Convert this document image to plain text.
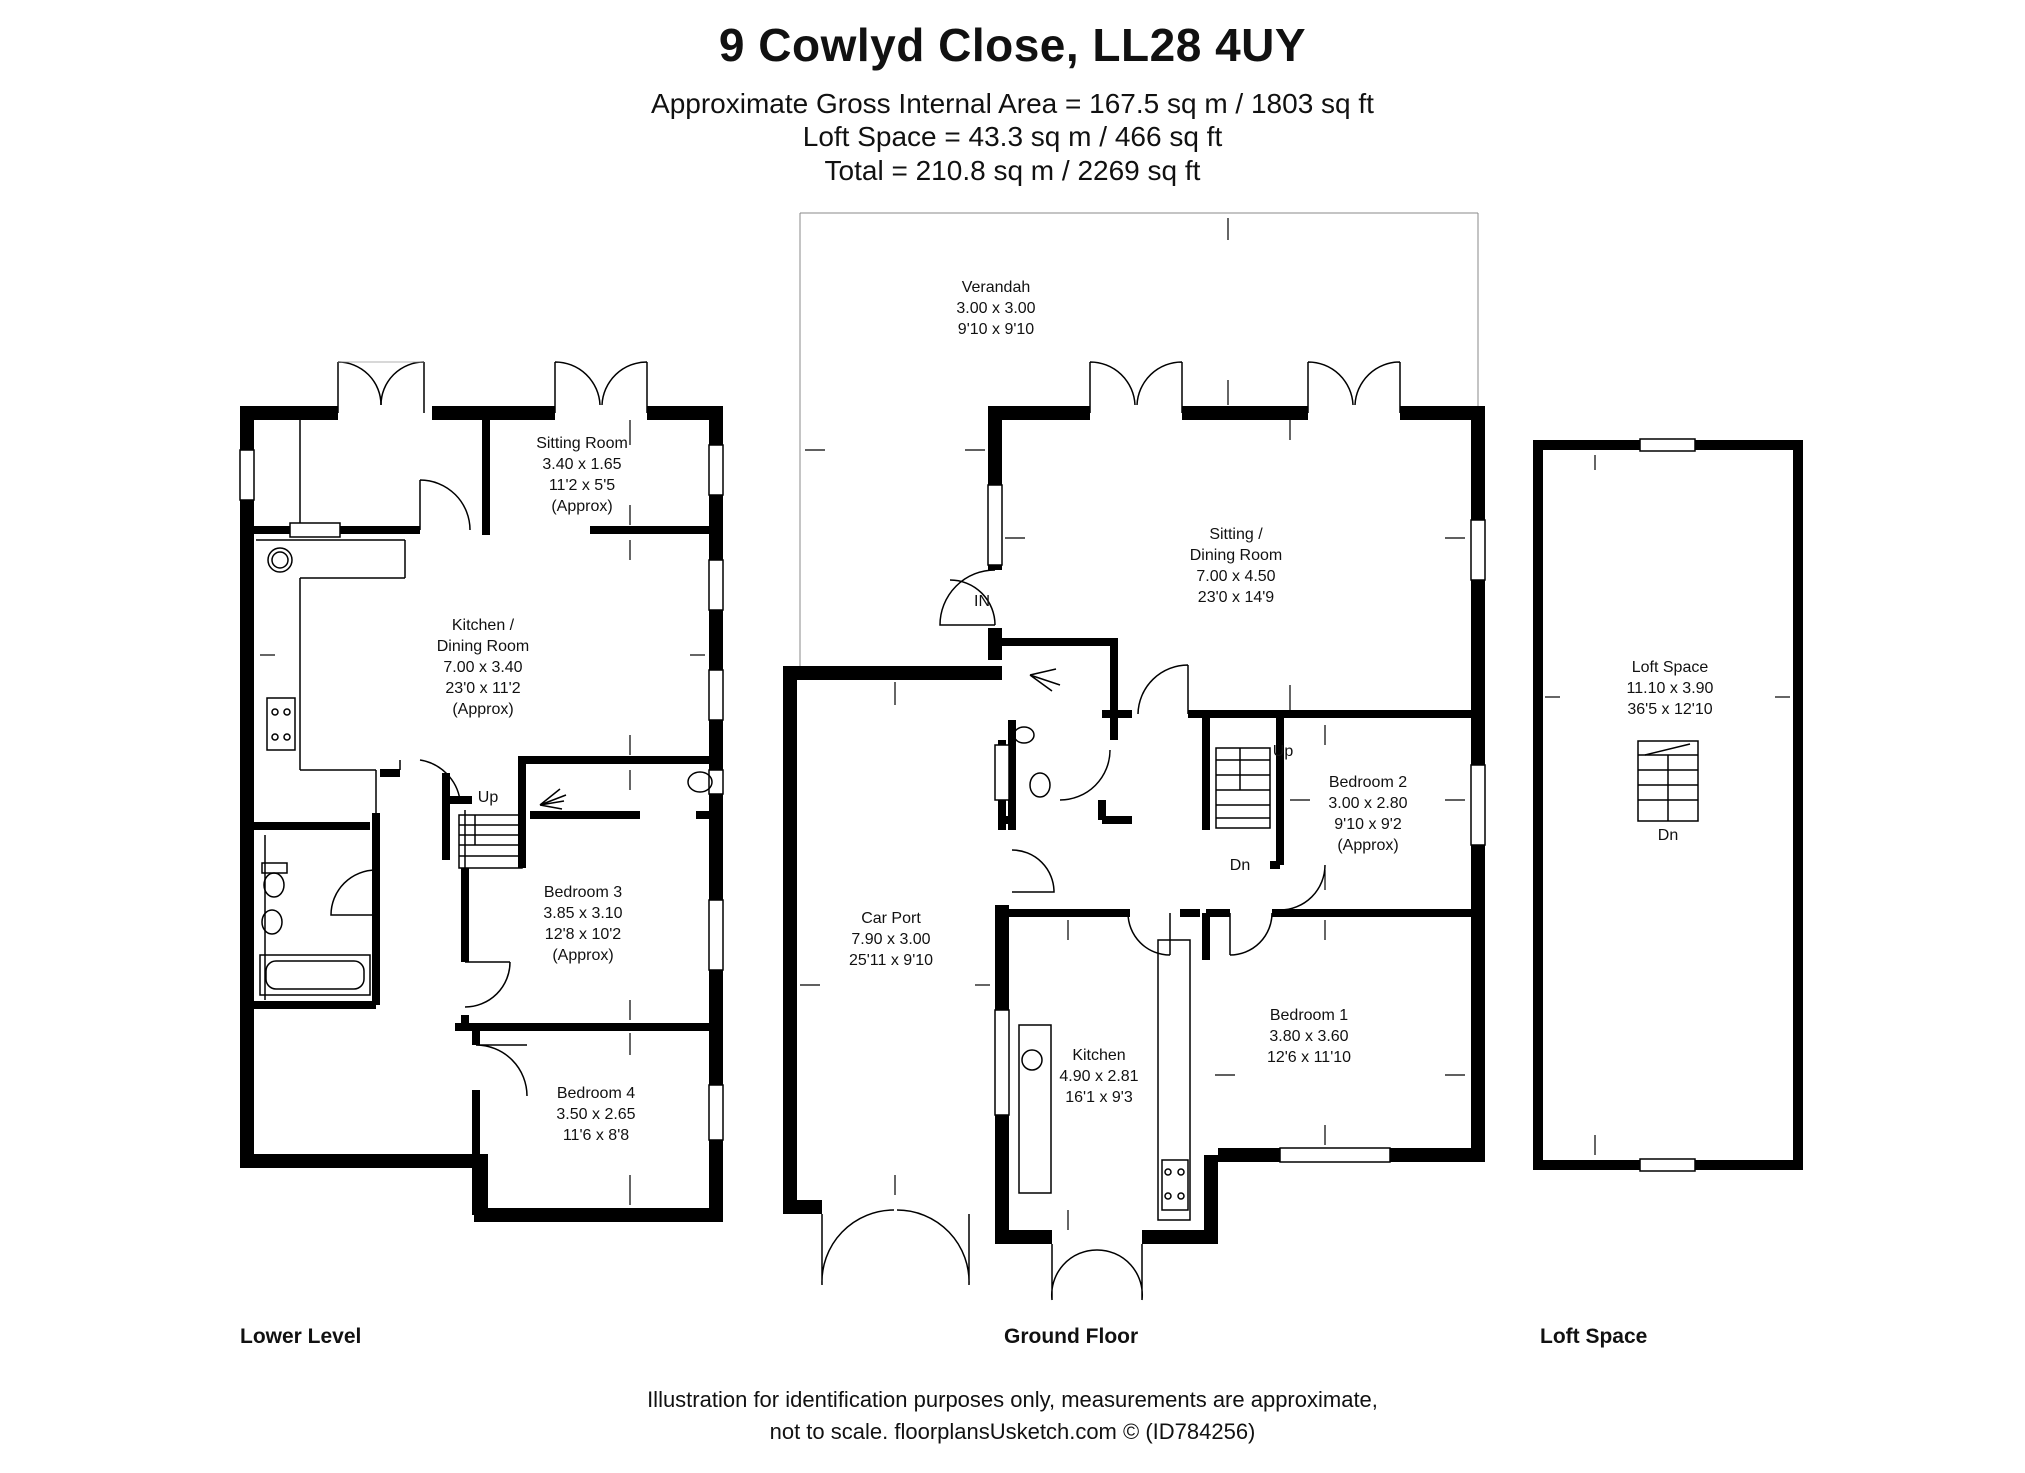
9 Cowlyd Close, LL28 4UY
Approximate Gross Internal Area = 167.5 sq m / 1803 sq ft
Loft Space = 43.3 sq m / 466 sq ft
Total = 210.8 sq m / 2269 sq ft
Sitting Room 3.40 x 1.65 11'2 x 5'5 (Approx)
Kitchen / Dining Room 7.00 x 3.40 23'0 x 11'2 (Approx)
Bedroom 3 3.85 x 3.10 12'8 x 10'2 (Approx)
Bedroom 4 3.50 x 2.65 11'6 x 8'8
Verandah 3.00 x 3.00 9'10 x 9'10
Sitting / Dining Room 7.00 x 4.50 23'0 x 14'9
Bedroom 2 3.00 x 2.80 9'10 x 9'2 (Approx)
Car Port 7.90 x 3.00 25'11 x 9'10
Kitchen 4.90 x 2.81 16'1 x 9'3
Bedroom 1 3.80 x 3.60 12'6 x 11'10
Loft Space 11.10 x 3.90 36'5 x 12'10
Up
Up
Dn
Dn
IN
Lower Level	Ground Floor	Loft Space
Illustration for identification purposes only, measurements are approximate,
not to scale. floorplansUsketch.com © (ID784256)
